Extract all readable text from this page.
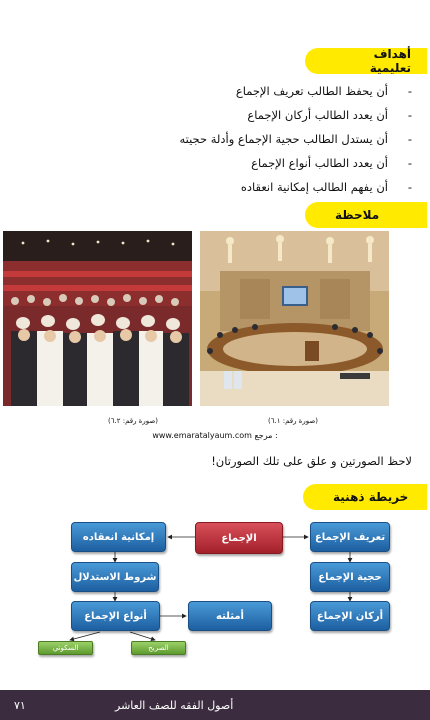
أهداف تعليمية
-
أن يحفظ الطالب تعريف الإجماع
-
أن يعدد الطالب أركان الإجماع
-
أن يستدل الطالب حجية الإجماع وأدلة حجيته
-
أن يعدد الطالب أنواع الإجماع
-
أن يفهم الطالب إمكانية انعقاده
ملاحظة
(صورة رقم: ٦.١)
(صورة رقم: ٦.٢)
www.emaratalyaum.com مرجع :
لاحظ الصورتين و علق على تلك الصورتان!
خريطة ذهنية
الإجماع	تعريف الإجماع
حجية الإجماع
أركان الإجماع
إمكانية انعقاده
شروط الاستدلال
أنواع الإجماع	أمثلته
الصريح
السكوتي
٧١	أصول الفقه للصف العاشر
